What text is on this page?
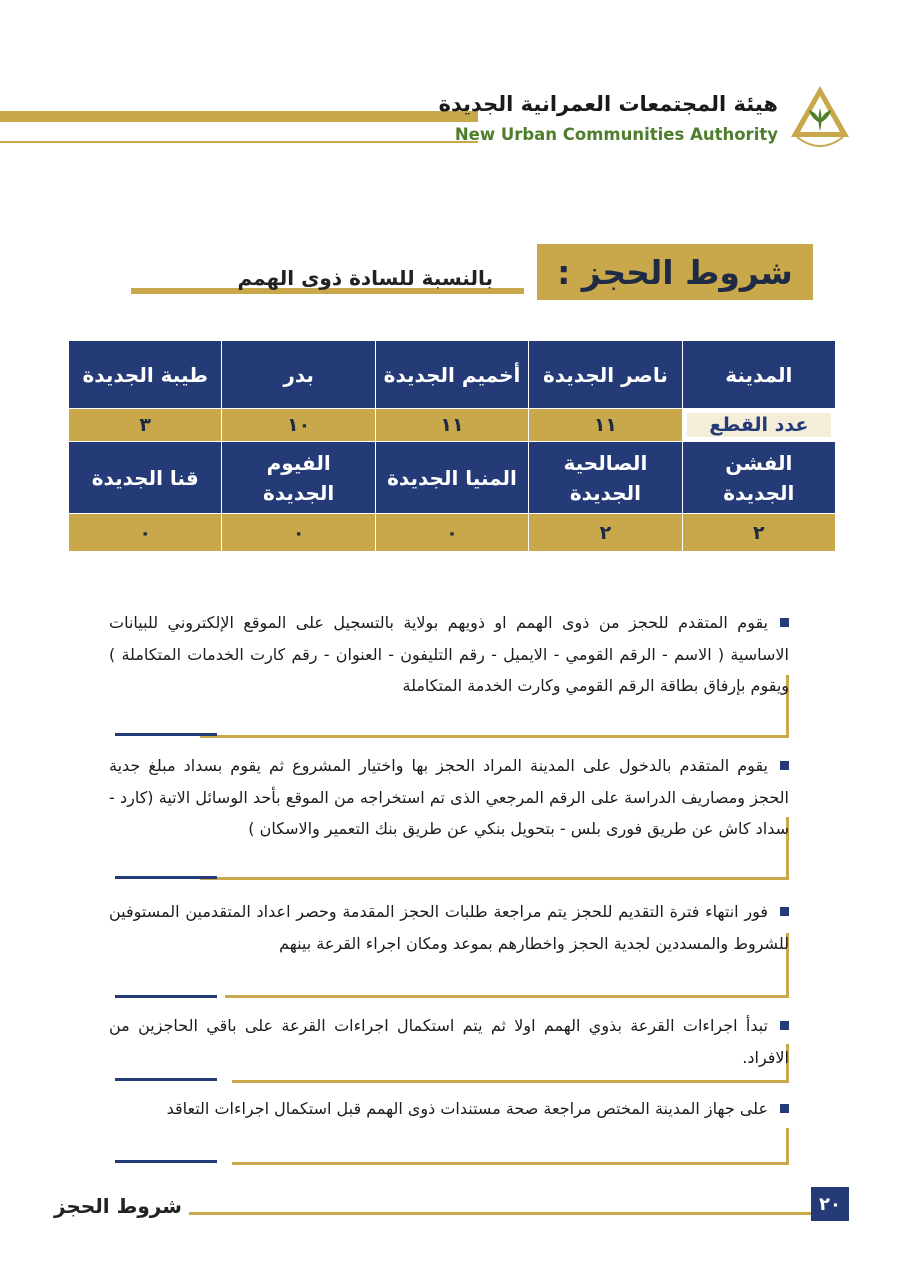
هيئة المجتمعات العمرانية الجديدة
New Urban Communities Authority
شروط الحجز :
بالنسبة للسادة ذوى الهمم
المدينة	ناصر الجديدة	أخميم الجديدة	بدر	طيبة الجديدة

عدد القطع	١١	١١	١٠	٣
الفشن الجديدة	الصالحية الجديدة	المنيا الجديدة	الفيوم الجديدة	قنا الجديدة
٢	٢	٠	٠	٠
يقوم المتقدم للحجز من ذوى الهمم او ذويهم بولاية بالتسجيل على الموقع الإلكتروني للبيانات الاساسية ( الاسم - الرقم القومي - الايميل - رقم التليفون - العنوان - رقم كارت الخدمات المتكاملة ) ويقوم بإرفاق بطاقة الرقم القومي وكارت الخدمة المتكاملة
يقوم المتقدم بالدخول على المدينة المراد الحجز بها واختيار المشروع ثم يقوم بسداد مبلغ جدية الحجز ومصاريف الدراسة على الرقم المرجعي الذى تم استخراجه من الموقع بأحد الوسائل الاتية (كارد - سداد كاش عن طريق فورى بلس - بتحويل بنكي عن طريق بنك التعمير والاسكان )
فور انتهاء فترة التقديم للحجز يتم مراجعة طلبات الحجز المقدمة وحصر اعداد المتقدمين المستوفين للشروط والمسددين لجدية الحجز واخطارهم بموعد ومكان اجراء القرعة بينهم
تبدأ اجراءات القرعة بذوي الهمم اولا ثم يتم استكمال اجراءات القرعة على باقي الحاجزين من الافراد.
على جهاز المدينة المختص مراجعة صحة مستندات ذوى الهمم قبل استكمال اجراءات التعاقد
شروط الحجز	٢٠
